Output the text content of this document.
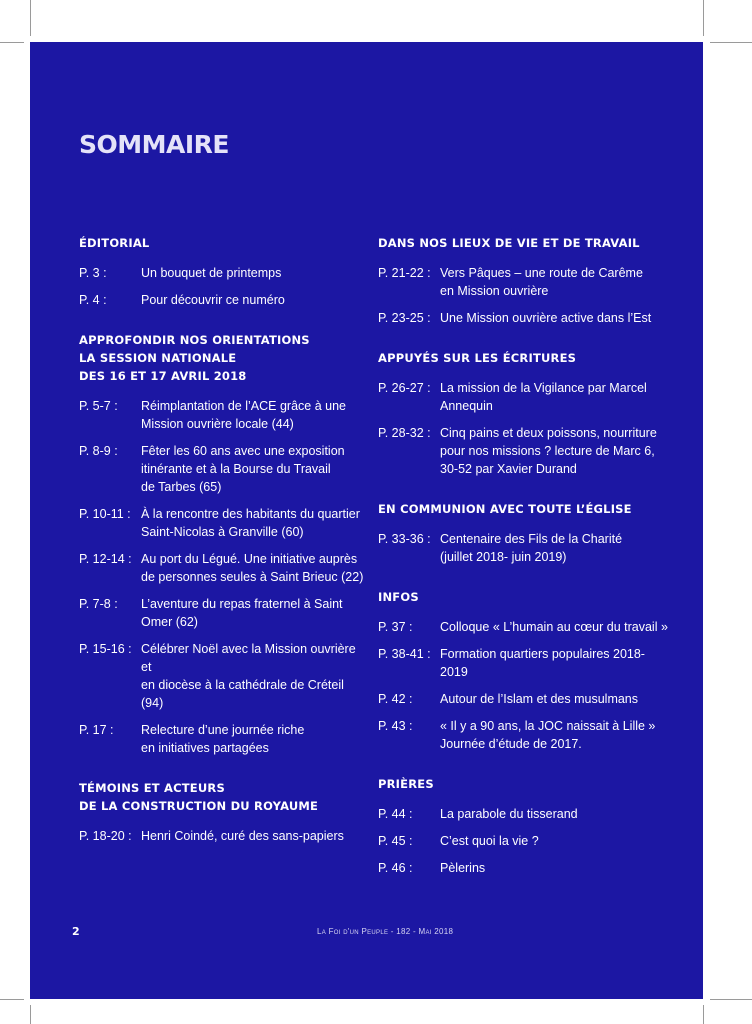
SOMMAIRE
ÉDITORIAL
P. 3 :	Un bouquet de printemps
P. 4 :	Pour découvrir ce numéro
APPROFONDIR NOS ORIENTATIONS
LA SESSION NATIONALE
DES 16 ET 17 AVRIL 2018
P. 5-7 :	Réimplantation de l’ACE grâce à une
Mission ouvrière locale (44)
P. 8-9 :	Fêter les 60 ans avec une exposition
itinérante et à la Bourse du Travail
de Tarbes (65)
P. 10-11 : À la rencontre des habitants du quartier
Saint-Nicolas à Granville (60)
P. 12-14 : Au port du Légué. Une initiative auprès
de personnes seules à Saint Brieuc (22)
P. 7-8 :	L’aventure du repas fraternel à Saint
Omer (62)
P. 15-16 : Célébrer Noël avec la Mission ouvrière et
en diocèse à la cathédrale de Créteil (94)
P. 17 :	Relecture d’une journée riche
en initiatives partagées
TÉMOINS ET ACTEURS
DE LA CONSTRUCTION DU ROYAUME
P. 18-20 : Henri Coindé, curé des sans-papiers
DANS NOS LIEUX DE VIE ET DE TRAVAIL
P. 21-22 : Vers Pâques – une route de Carême
en Mission ouvrière
P. 23-25 : Une Mission ouvrière active dans l’Est
APPUYÉS SUR LES ÉCRITURES
P. 26-27 : La mission de la Vigilance par Marcel
Annequin
P. 28-32 : Cinq pains et deux poissons, nourriture
pour nos missions ? lecture de Marc 6,
30-52 par Xavier Durand
EN COMMUNION AVEC TOUTE L’ÉGLISE
P. 33-36 : Centenaire des Fils de la Charité
(juillet 2018- juin 2019)
INFOS
P. 37 :	Colloque « L’humain au cœur du travail »
P. 38-41 : Formation quartiers populaires 2018-
2019
P. 42 :	Autour de l’Islam et des musulmans
P. 43 :	« Il y a 90 ans, la JOC naissait à Lille »
Journée d’étude de 2017.
PRIÈRES
P. 44 :	La parabole du tisserand
P. 45 :	C’est quoi la vie ?
P. 46 :	Pèlerins
2	La Foi d'un Peuple - 182 - Mai 2018
